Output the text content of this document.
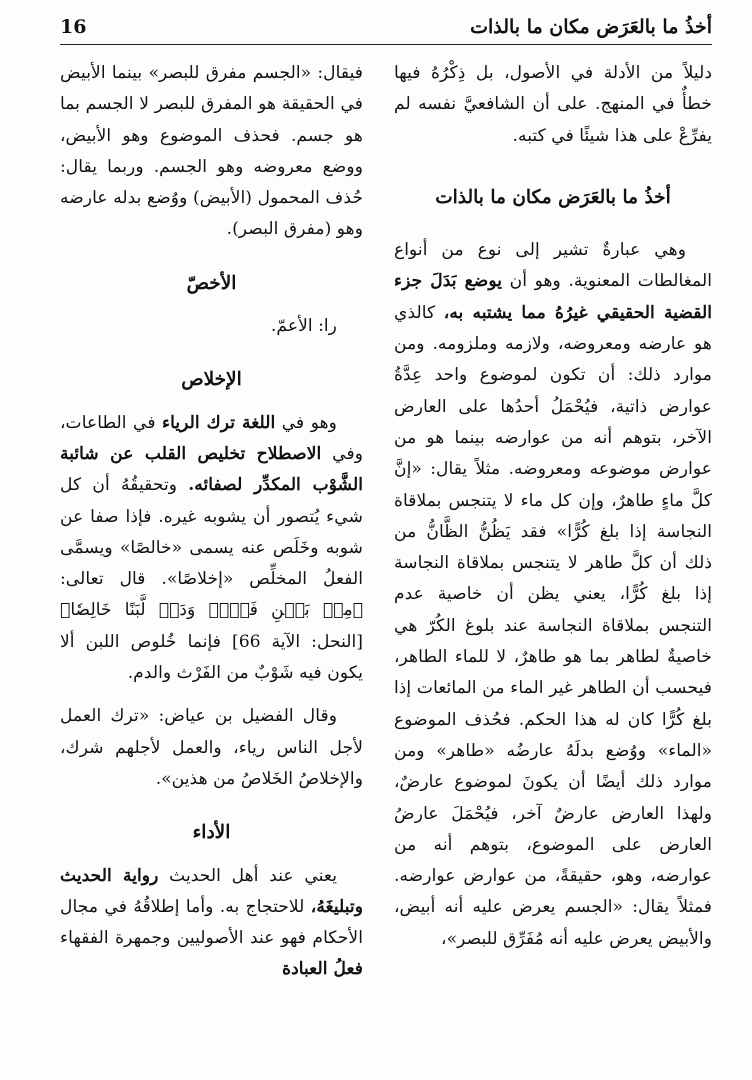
16	أخذُ ما بالعَرَض مكان ما بالذات

دليلاً من الأدلة في الأصول، بل ذِكْرُهُ فيها خطأٌ في المنهج. على أن الشافعيَّ نفسه لم يفرِّعْ على هذا شيئًا في كتبه.

أخذُ ما بالعَرَض مكان ما بالذات

وهي عبارةٌ تشير إلى نوع من أنواع المغالطات المعنوية. وهو أن يوضع بَدَلَ جزء القضية الحقيقي غيرُهُ مما يشتبه به، كالذي هو عارضه ومعروضه، ولازمه وملزومه. ومن موارد ذلك: أن تكون لموضوع واحد عِدَّةُ عوارض ذاتية، فيُحْمَلُ أحدُها على العارض الآخر، بتوهم أنه من عوارضه بينما هو من عوارض موضوعه ومعروضه. مثلاً يقال: «إنَّ كلَّ ماءٍ طاهرٌ، وإن كل ماء لا يتنجس بملاقاة النجاسة إذا بلغ كُرًّا» فقد يَظُنُّ الظَّانُّ من ذلك أن كلَّ طاهر لا يتنجس بملاقاة النجاسة إذا بلغ كُرًّا، يعني يظن أن خاصية عدم التنجس بملاقاة النجاسة عند بلوغ الكُرّ هي خاصيةٌ لطاهر بما هو طاهرٌ، لا للماء الطاهر، فيحسب أن الطاهر غير الماء من المائعات إذا بلغ كُرًّا كان له هذا الحكم. فحُذف الموضوع «الماء» ووُضع بدلَهُ عارضُه «طاهر» ومن موارد ذلك أيضًا أن يكونَ لموضوع عارضٌ، ولهذا العارض عارضٌ آخر، فيُحْمَلَ عارضُ العارض على الموضوع، بتوهم أنه من عوارضه، وهو، حقيقةً، من عوارض عوارضه. فمثلاً يقال: «الجسم يعرض عليه أنه أبيض، والأبيض يعرض عليه أنه مُفَرِّق للبصر»،

فيقال: «الجسم مفرق للبصر» بينما الأبيض في الحقيقة هو المفرق للبصر لا الجسم بما هو جسم. فحذف الموضوع وهو الأبيض، ووضع معروضه وهو الجسم. وربما يقال: حُذف المحمول (الأبيض) ووُضع بدله عارضه وهو (مفرق البصر).

الأخصّ

را: الأعمّ.

الإخلاص

وهو في اللغة ترك الرياء في الطاعات، وفي الاصطلاح تخليص القلب عن شائبة الشَّوْب المكدِّر لصفائه. وتحقيقُهُ أن كل شيء يُتصور أن يشوبه غيره. فإذا صفا عن شوبه وخَلَص عنه يسمى «خالصًا» ويسمَّى الفعلُ المخلِّص «إخلاصًا». قال تعالى: ﴿مِنۢ بَيۡنِ فَرۡثٖ وَدَمٖ لَّبَنًا خَالِصٗا﴾ [النحل: الآية 66] فإنما خُلوص اللبن ألا يكون فيه شَوْبٌ من الفَرْث والدم.

وقال الفضيل بن عياض: «ترك العمل لأجل الناس رياء، والعمل لأجلهم شرك، والإخلاصُ الخَلاصُ من هذين».

الأداء

يعني عند أهل الحديث رواية الحديث وتبليغَهُ، للاحتجاج به. وأما إطلاقُهُ في مجال الأحكام فهو عند الأصوليين وجمهرة الفقهاء فعلُ العبادة
